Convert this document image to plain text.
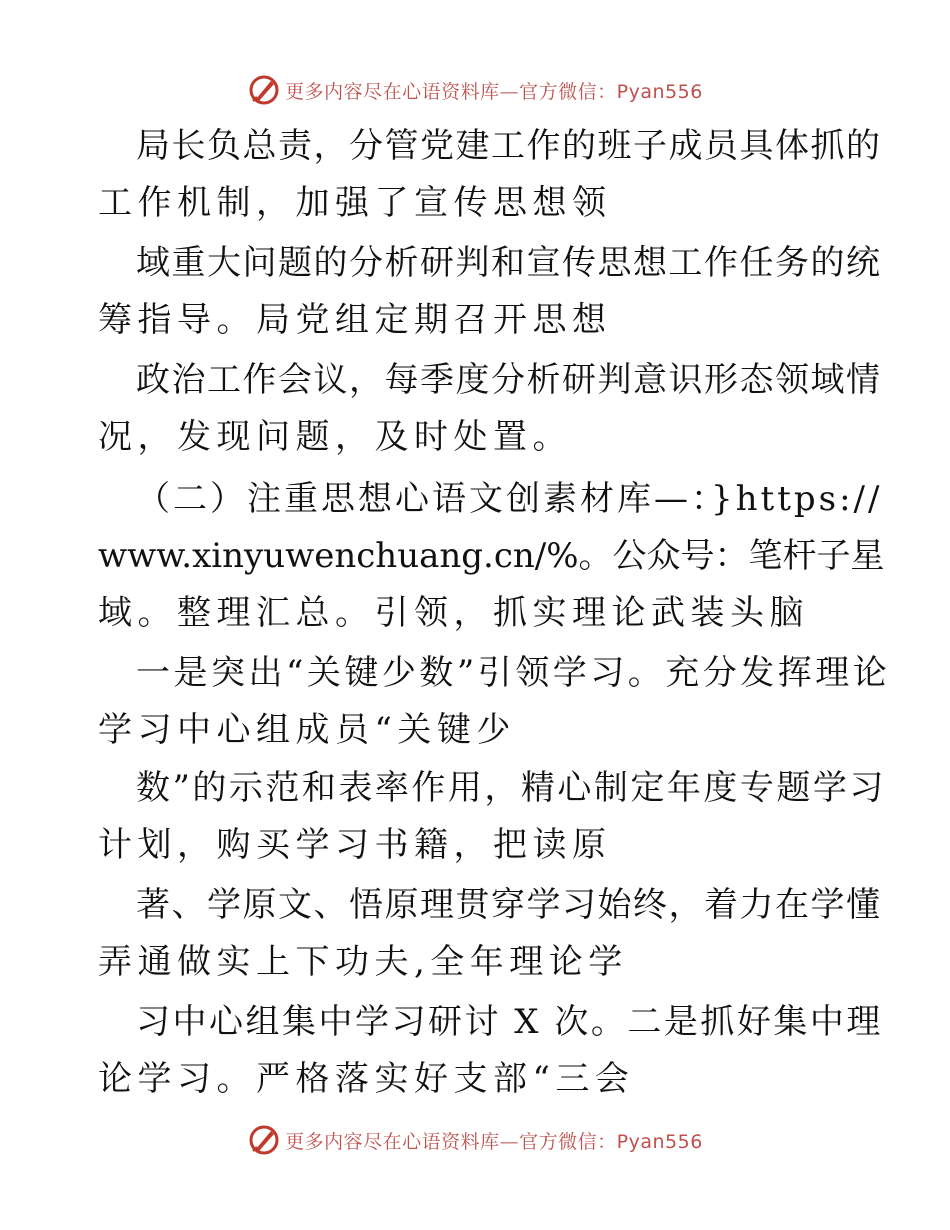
更多内容尽在心语资料库—官方微信：Pyan556
局长负总责，分管党建工作的班子成员具体抓的
工作机制，加强了宣传思想领
域重大问题的分析研判和宣传思想工作任务的统
筹指导。局党组定期召开思想
政治工作会议，每季度分析研判意识形态领域情
况，发现问题，及时处置。
（二）注重思想心语文创素材库—：}https://
www.xinyuwenchuang.cn/%。公众号：笔杆子星
域。整理汇总。引领，抓实理论武装头脑
一是突出“关键少数”引领学习。充分发挥理论
学习中心组成员“关键少
数”的示范和表率作用，精心制定年度专题学习
计划，购买学习书籍，把读原
著、学原文、悟原理贯穿学习始终，着力在学懂
弄通做实上下功夫,全年理论学
习中心组集中学习研讨 X 次。二是抓好集中理
论学习。严格落实好支部“三会
更多内容尽在心语资料库—官方微信：Pyan556
